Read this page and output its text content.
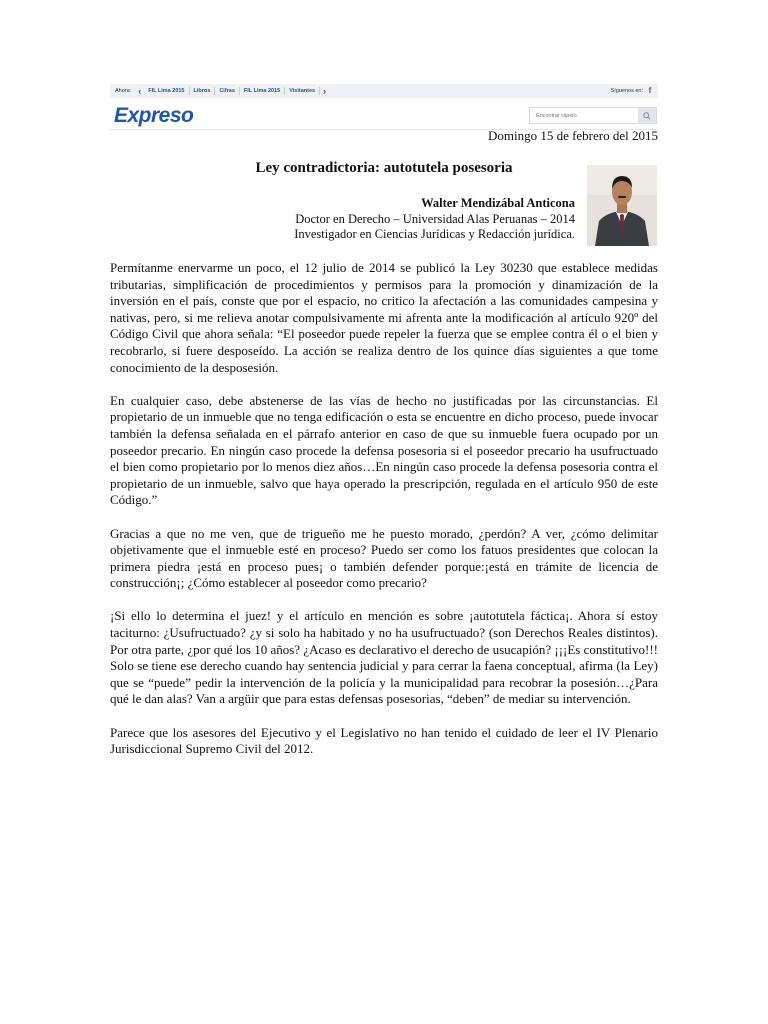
Ahora: ‹	FIL Lima 2015	Libros	Cifras	FIL Lima 2015	Visitantes ›	Síguenos en: f
Expreso
Encontrar rápido
Domingo 15 de febrero del 2015
Ley contradictoria: autotutela posesoria
Walter Mendizábal Anticona
Doctor en Derecho – Universidad Alas Peruanas – 2014
Investigador en Ciencias Jurídicas y Redacción jurídica.

Permítanme enervarme un poco, el 12 julio de 2014 se publicó la Ley 30230 que establece medidas tributarias, simplificación de procedimientos y permisos para la promoción y dinamización de la inversión en el país, conste que por el espacio, no critico la afectación a las comunidades campesina y nativas, pero, si me relieva anotar compulsivamente mi afrenta ante la modificación al artículo 920º del Código Civil que ahora señala: “El poseedor puede repeler la fuerza que se emplee contra él o el bien y recobrarlo, si fuere desposeído. La acción se realiza dentro de los quince días siguientes a que tome conocimiento de la desposesión.

En cualquier caso, debe abstenerse de las vías de hecho no justificadas por las circunstancias. El propietario de un inmueble que no tenga edificación o esta se encuentre en dicho proceso, puede invocar también la defensa señalada en el párrafo anterior en caso de que su inmueble fuera ocupado por un poseedor precario. En ningún caso procede la defensa posesoria si el poseedor precario ha usufructuado el bien como propietario por lo menos diez años…En ningún caso procede la defensa posesoria contra el propietario de un inmueble, salvo que haya operado la prescripción, regulada en el artículo 950 de este Código.”

Gracias a que no me ven, que de trigueño me he puesto morado, ¿perdón? A ver, ¿cómo delimitar objetivamente que el inmueble esté en proceso? Puedo ser como los fatuos presidentes que colocan la primera piedra ¡está en proceso pues¡ o también defender porque:¡está en trámite de licencia de construcción¡; ¿Cómo establecer al poseedor como precario?

¡Si ello lo determina el juez! y el artículo en mención es sobre ¡autotutela fáctica¡. Ahora sí estoy taciturno: ¿Usufructuado? ¿y si solo ha habitado y no ha usufructuado? (son Derechos Reales distintos). Por otra parte, ¿por qué los 10 años? ¿Acaso es declarativo el derecho de usucapión? ¡¡¡Es constitutivo!!! Solo se tiene ese derecho cuando hay sentencia judicial y para cerrar la faena conceptual, afirma (la Ley) que se “puede” pedir la intervención de la policía y la municipalidad para recobrar la posesión…¿Para qué le dan alas? Van a argüir que para estas defensas posesorias, “deben” de mediar su intervención.

Parece que los asesores del Ejecutivo y el Legislativo no han tenido el cuidado de leer el IV Plenario Jurisdiccional Supremo Civil del 2012.
